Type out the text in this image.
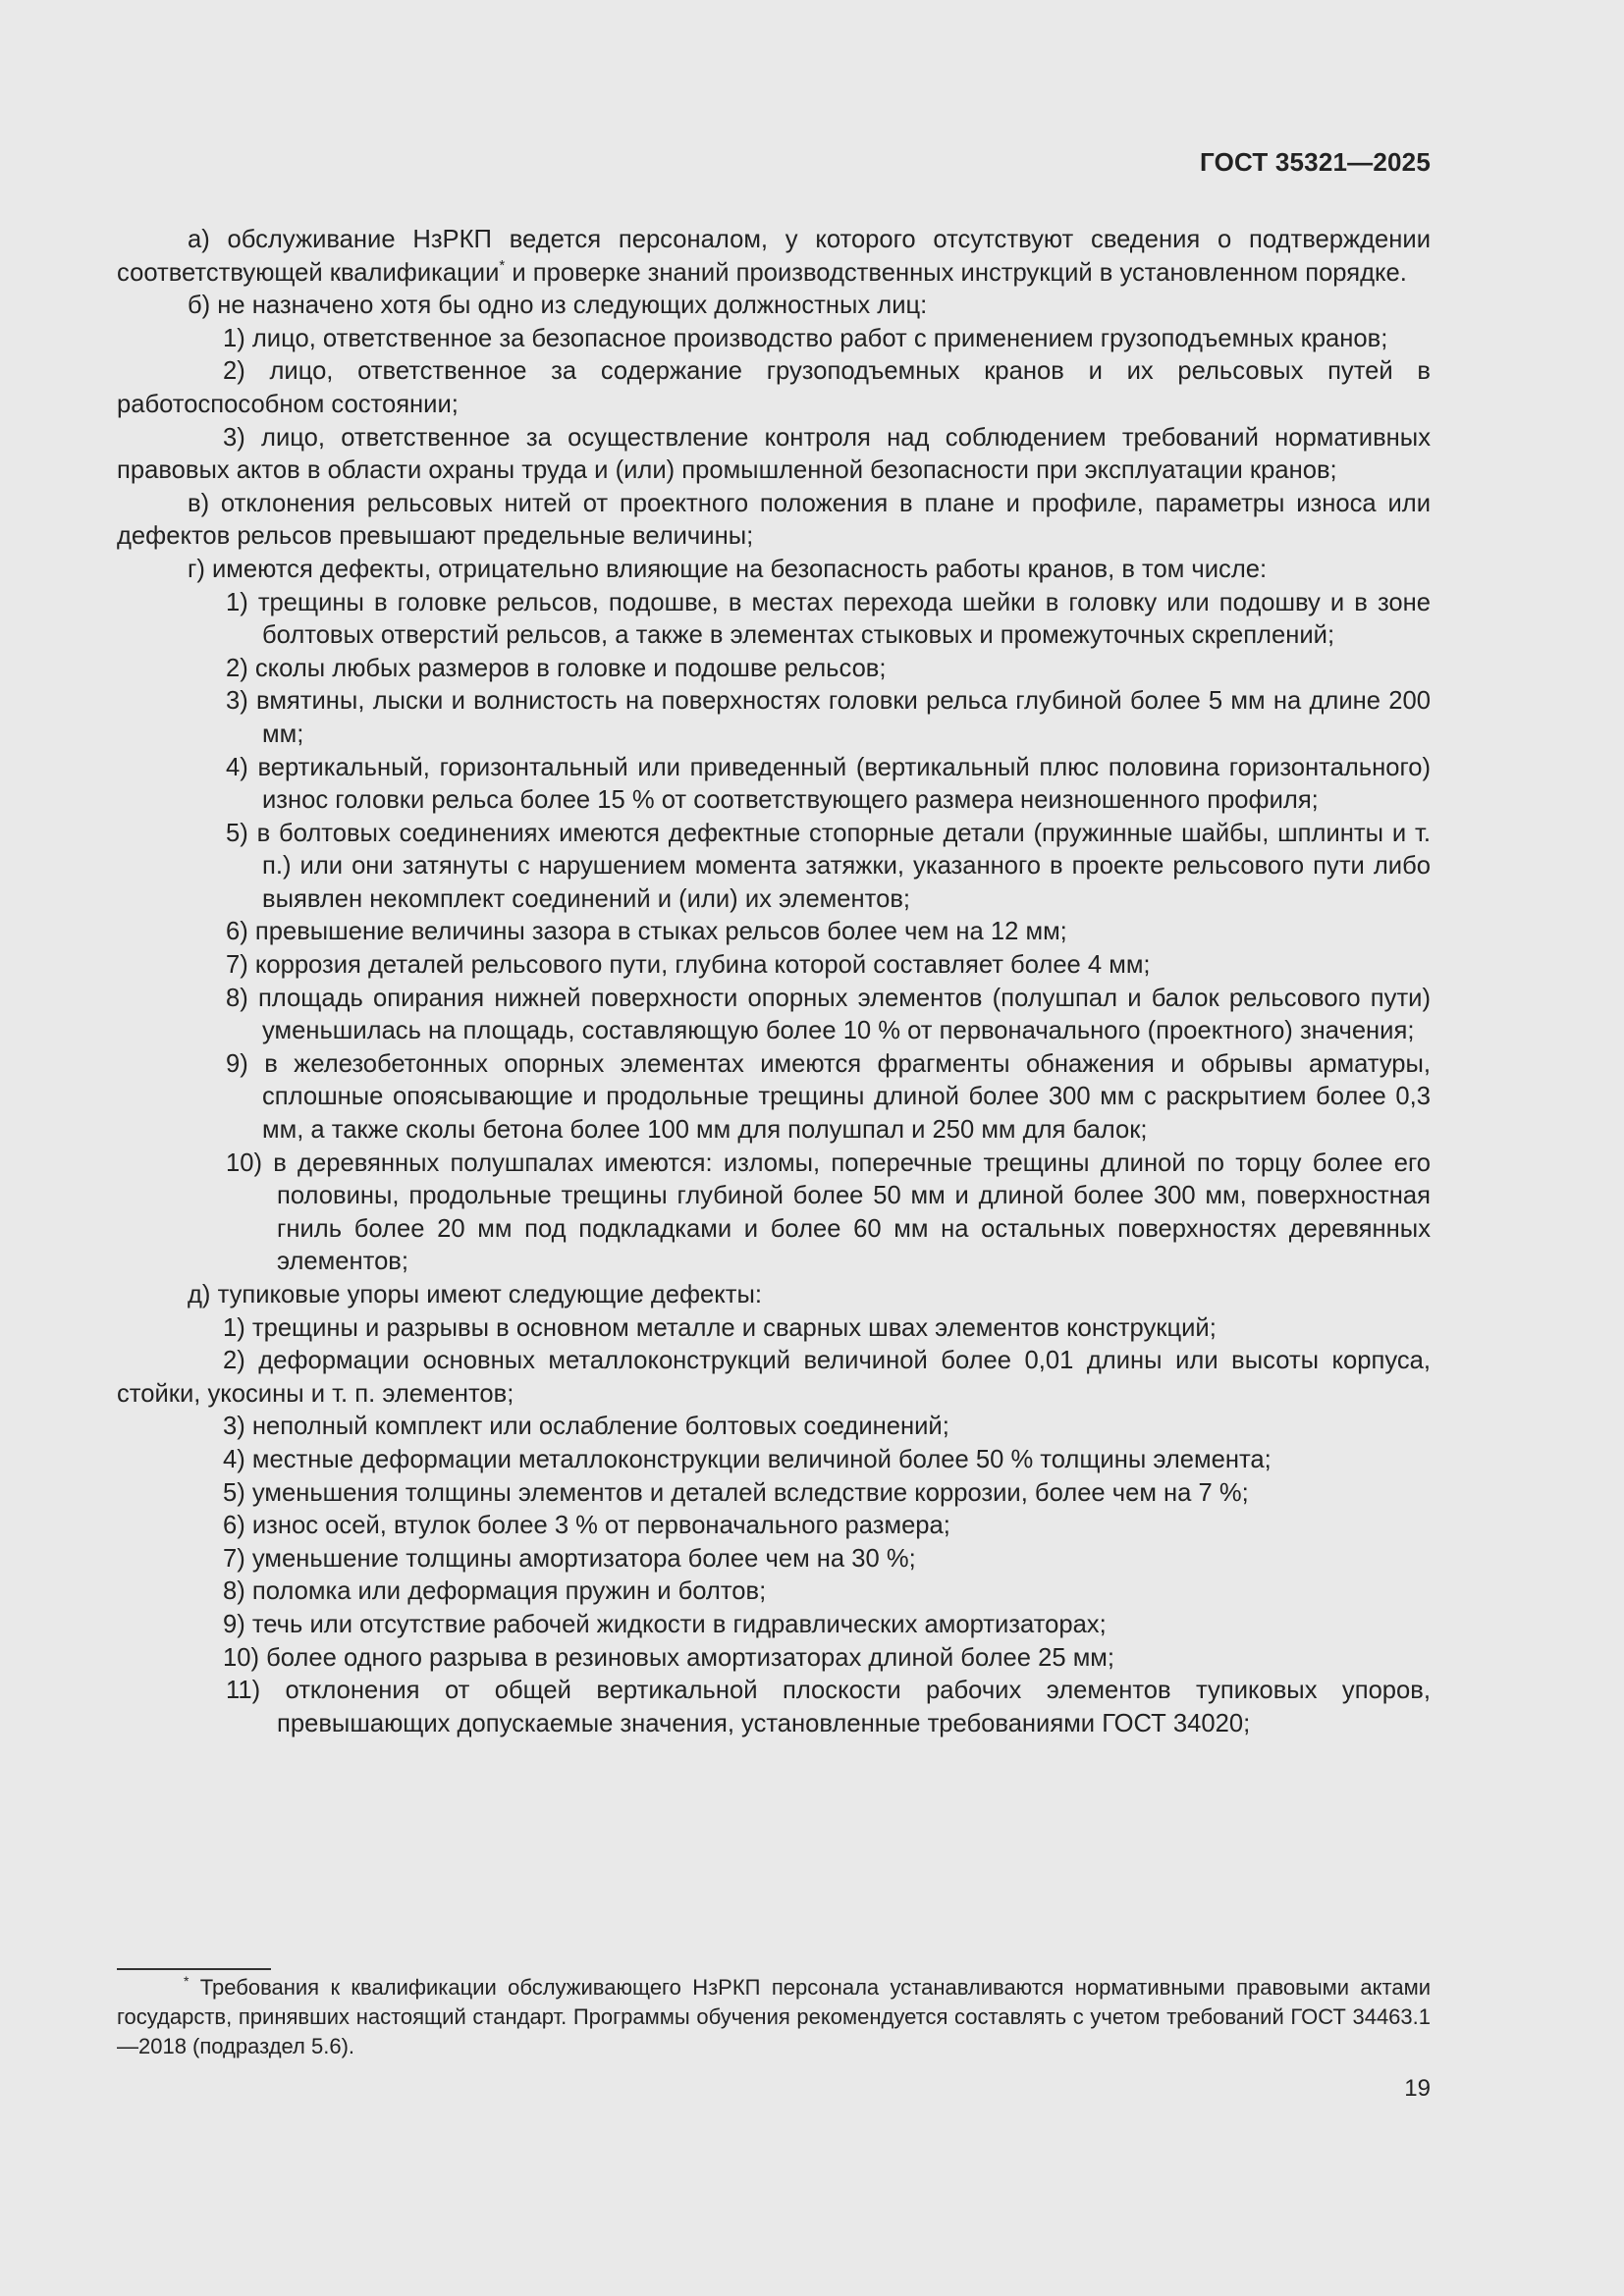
ГОСТ 35321—2025

а) обслуживание НзРКП ведется персоналом, у которого отсутствуют сведения о подтверждении соответствующей квалификации* и проверке знаний производственных инструкций в установленном порядке.

б) не назначено хотя бы одно из следующих должностных лиц:

1) лицо, ответственное за безопасное производство работ с применением грузоподъемных кранов;

2) лицо, ответственное за содержание грузоподъемных кранов и их рельсовых путей в работоспособном состоянии;

3) лицо, ответственное за осуществление контроля над соблюдением требований нормативных правовых актов в области охраны труда и (или) промышленной безопасности при эксплуатации кранов;

в) отклонения рельсовых нитей от проектного положения в плане и профиле, параметры износа или дефектов рельсов превышают предельные величины;

г) имеются дефекты, отрицательно влияющие на безопасность работы кранов, в том числе:

1) трещины в головке рельсов, подошве, в местах перехода шейки в головку или подошву и в зоне болтовых отверстий рельсов, а также в элементах стыковых и промежуточных скреплений;

2) сколы любых размеров в головке и подошве рельсов;

3) вмятины, лыски и волнистость на поверхностях головки рельса глубиной более 5 мм на длине 200 мм;

4) вертикальный, горизонтальный или приведенный (вертикальный плюс половина горизонтального) износ головки рельса более 15 % от соответствующего размера неизношенного профиля;

5) в болтовых соединениях имеются дефектные стопорные детали (пружинные шайбы, шплинты и т. п.) или они затянуты с нарушением момента затяжки, указанного в проекте рельсового пути либо выявлен некомплект соединений и (или) их элементов;

6) превышение величины зазора в стыках рельсов более чем на 12 мм;

7) коррозия деталей рельсового пути, глубина которой составляет более 4 мм;

8) площадь опирания нижней поверхности опорных элементов (полушпал и балок рельсового пути) уменьшилась на площадь, составляющую более 10 % от первоначального (проектного) значения;

9) в железобетонных опорных элементах имеются фрагменты обнажения и обрывы арматуры, сплошные опоясывающие и продольные трещины длиной более 300 мм с раскрытием более 0,3 мм, а также сколы бетона более 100 мм для полушпал и 250 мм для балок;

10) в деревянных полушпалах имеются: изломы, поперечные трещины длиной по торцу более его половины, продольные трещины глубиной более 50 мм и длиной более 300 мм, поверхностная гниль более 20 мм под подкладками и более 60 мм на остальных поверхностях деревянных элементов;

д) тупиковые упоры имеют следующие дефекты:

1) трещины и разрывы в основном металле и сварных швах элементов конструкций;

2) деформации основных металлоконструкций величиной более 0,01 длины или высоты корпуса, стойки, укосины и т. п. элементов;

3) неполный комплект или ослабление болтовых соединений;

4) местные деформации металлоконструкции величиной более 50 % толщины элемента;

5) уменьшения толщины элементов и деталей вследствие коррозии, более чем на 7 %;

6) износ осей, втулок более 3 % от первоначального размера;

7) уменьшение толщины амортизатора более чем на 30 %;

8) поломка или деформация пружин и болтов;

9) течь или отсутствие рабочей жидкости в гидравлических амортизаторах;

10) более одного разрыва в резиновых амортизаторах длиной более 25 мм;

11) отклонения от общей вертикальной плоскости рабочих элементов тупиковых упоров, превышающих допускаемые значения, установленные требованиями ГОСТ 34020;

* Требования к квалификации обслуживающего НзРКП персонала устанавливаются нормативными правовыми актами государств, принявших настоящий стандарт. Программы обучения рекомендуется составлять с учетом требований ГОСТ 34463.1—2018 (подраздел 5.6).

19
